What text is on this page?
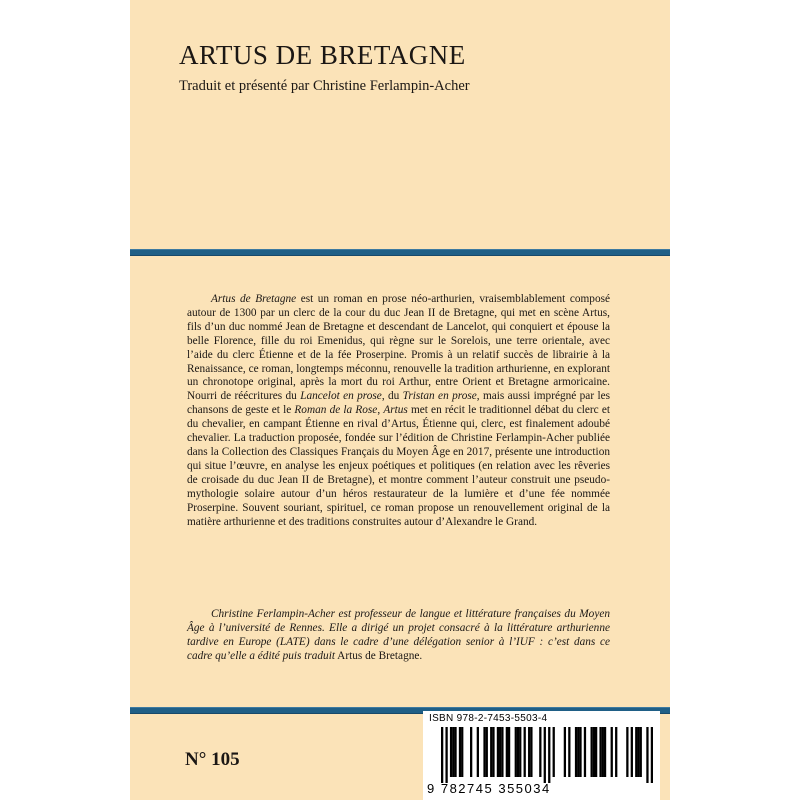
ARTUS DE BRETAGNE
Traduit et présenté par Christine Ferlampin-Acher

Artus de Bretagne est un roman en prose néo-arthurien, vraisemblablement composé autour de 1300 par un clerc de la cour du duc Jean II de Bretagne, qui met en scène Artus, fils d’un duc nommé Jean de Bretagne et descendant de Lancelot, qui conquiert et épouse la belle Florence, fille du roi Emenidus, qui règne sur le Sorelois, une terre orientale, avec l’aide du clerc Étienne et de la fée Proserpine. Promis à un relatif succès de librairie à la Renaissance, ce roman, longtemps méconnu, renouvelle la tradition arthurienne, en explorant un chronotope original, après la mort du roi Arthur, entre Orient et Bretagne armoricaine. Nourri de réécritures du Lancelot en prose, du Tristan en prose, mais aussi imprégné par les chansons de geste et le Roman de la Rose, Artus met en récit le traditionnel débat du clerc et du chevalier, en campant Étienne en rival d’Artus, Étienne qui, clerc, est finalement adoubé chevalier. La traduction proposée, fondée sur l’édition de Christine Ferlampin-Acher publiée dans la Collection des Classiques Français du Moyen Âge en 2017, présente une introduction qui situe l’œuvre, en analyse les enjeux poétiques et politiques (en relation avec les rêveries de croisade du duc Jean II de Bretagne), et montre comment l’auteur construit une pseudo-mythologie solaire autour d’un héros restaurateur de la lumière et d’une fée nommée Proserpine. Souvent souriant, spirituel, ce roman propose un renouvellement original de la matière arthurienne et des traditions construites autour d’Alexandre le Grand.

Christine Ferlampin-Acher est professeur de langue et littérature françaises du Moyen Âge à l’université de Rennes. Elle a dirigé un projet consacré à la littérature arthurienne tardive en Europe (LATE) dans le cadre d’une délégation senior à l’IUF : c’est dans ce cadre qu’elle a édité puis traduit Artus de Bretagne.

N° 105
ISBN 978-2-7453-5503-4
9 782745 355034
